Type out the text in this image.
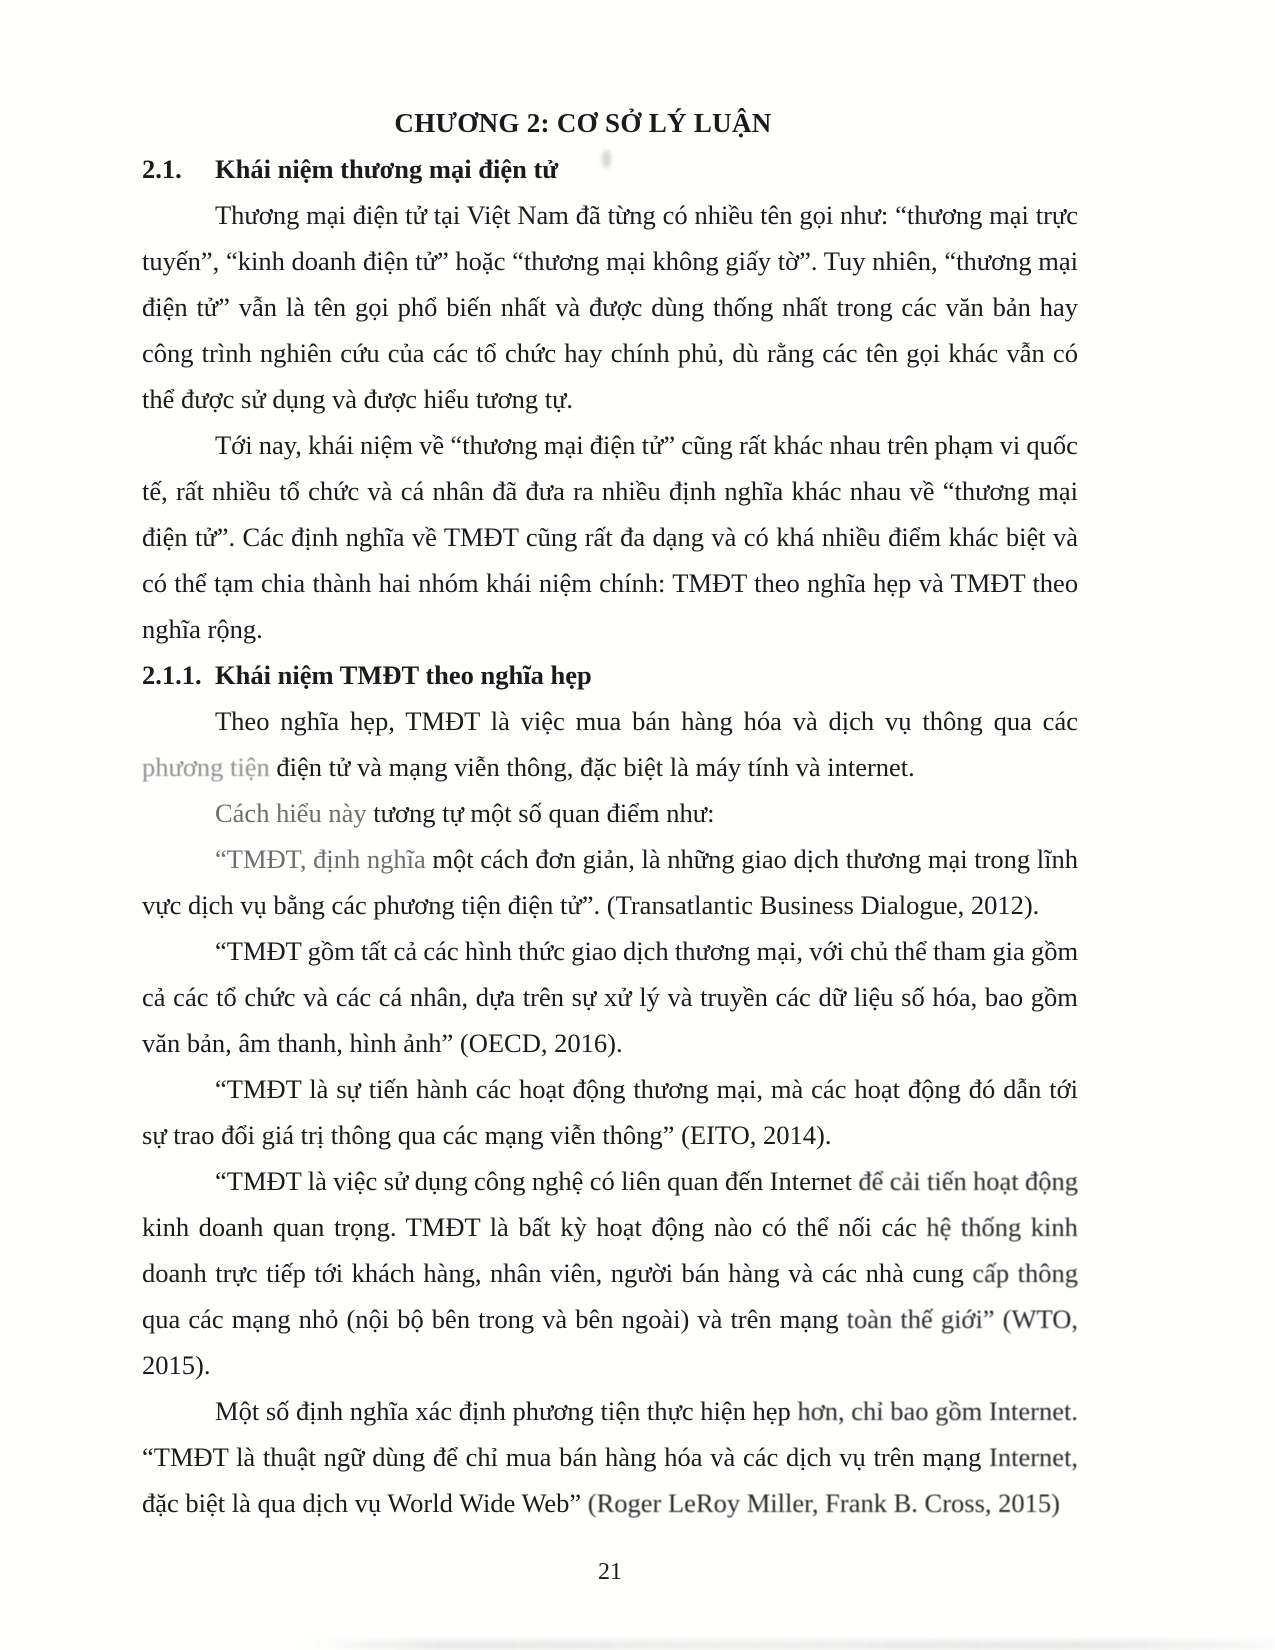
CHƯƠNG 2: CƠ SỞ LÝ LUẬN
2.1. Khái niệm thương mại điện tử
Thương mại điện tử tại Việt Nam đã từng có nhiều tên gọi như: “thương mại trực
tuyến”, “kinh doanh điện tử” hoặc “thương mại không giấy tờ”. Tuy nhiên, “thương mại
điện tử” vẫn là tên gọi phổ biến nhất và được dùng thống nhất trong các văn bản hay
công trình nghiên cứu của các tổ chức hay chính phủ, dù rằng các tên gọi khác vẫn có
thể được sử dụng và được hiểu tương tự.
Tới nay, khái niệm về “thương mại điện tử” cũng rất khác nhau trên phạm vi quốc
tế, rất nhiều tổ chức và cá nhân đã đưa ra nhiều định nghĩa khác nhau về “thương mại
điện tử”. Các định nghĩa về TMĐT cũng rất đa dạng và có khá nhiều điểm khác biệt và
có thể tạm chia thành hai nhóm khái niệm chính: TMĐT theo nghĩa hẹp và TMĐT theo
nghĩa rộng.
2.1.1. Khái niệm TMĐT theo nghĩa hẹp
Theo nghĩa hẹp, TMĐT là việc mua bán hàng hóa và dịch vụ thông qua các
phương tiện điện tử và mạng viễn thông, đặc biệt là máy tính và internet.
Cách hiểu này tương tự một số quan điểm như:
“TMĐT, định nghĩa một cách đơn giản, là những giao dịch thương mại trong lĩnh
vực dịch vụ bằng các phương tiện điện tử”. (Transatlantic Business Dialogue, 2012).
“TMĐT gồm tất cả các hình thức giao dịch thương mại, với chủ thể tham gia gồm
cả các tổ chức và các cá nhân, dựa trên sự xử lý và truyền các dữ liệu số hóa, bao gồm
văn bản, âm thanh, hình ảnh” (OECD, 2016).
“TMĐT là sự tiến hành các hoạt động thương mại, mà các hoạt động đó dẫn tới
sự trao đổi giá trị thông qua các mạng viễn thông” (EITO, 2014).
“TMĐT là việc sử dụng công nghệ có liên quan đến Internet để cải tiến hoạt động
kinh doanh quan trọng. TMĐT là bất kỳ hoạt động nào có thể nối các hệ thống kinh
doanh trực tiếp tới khách hàng, nhân viên, người bán hàng và các nhà cung cấp thông
qua các mạng nhỏ (nội bộ bên trong và bên ngoài) và trên mạng toàn thế giới” (WTO,
2015).
Một số định nghĩa xác định phương tiện thực hiện hẹp hơn, chỉ bao gồm Internet.
“TMĐT là thuật ngữ dùng để chỉ mua bán hàng hóa và các dịch vụ trên mạng Internet,
đặc biệt là qua dịch vụ World Wide Web” (Roger LeRoy Miller, Frank B. Cross, 2015)
21
